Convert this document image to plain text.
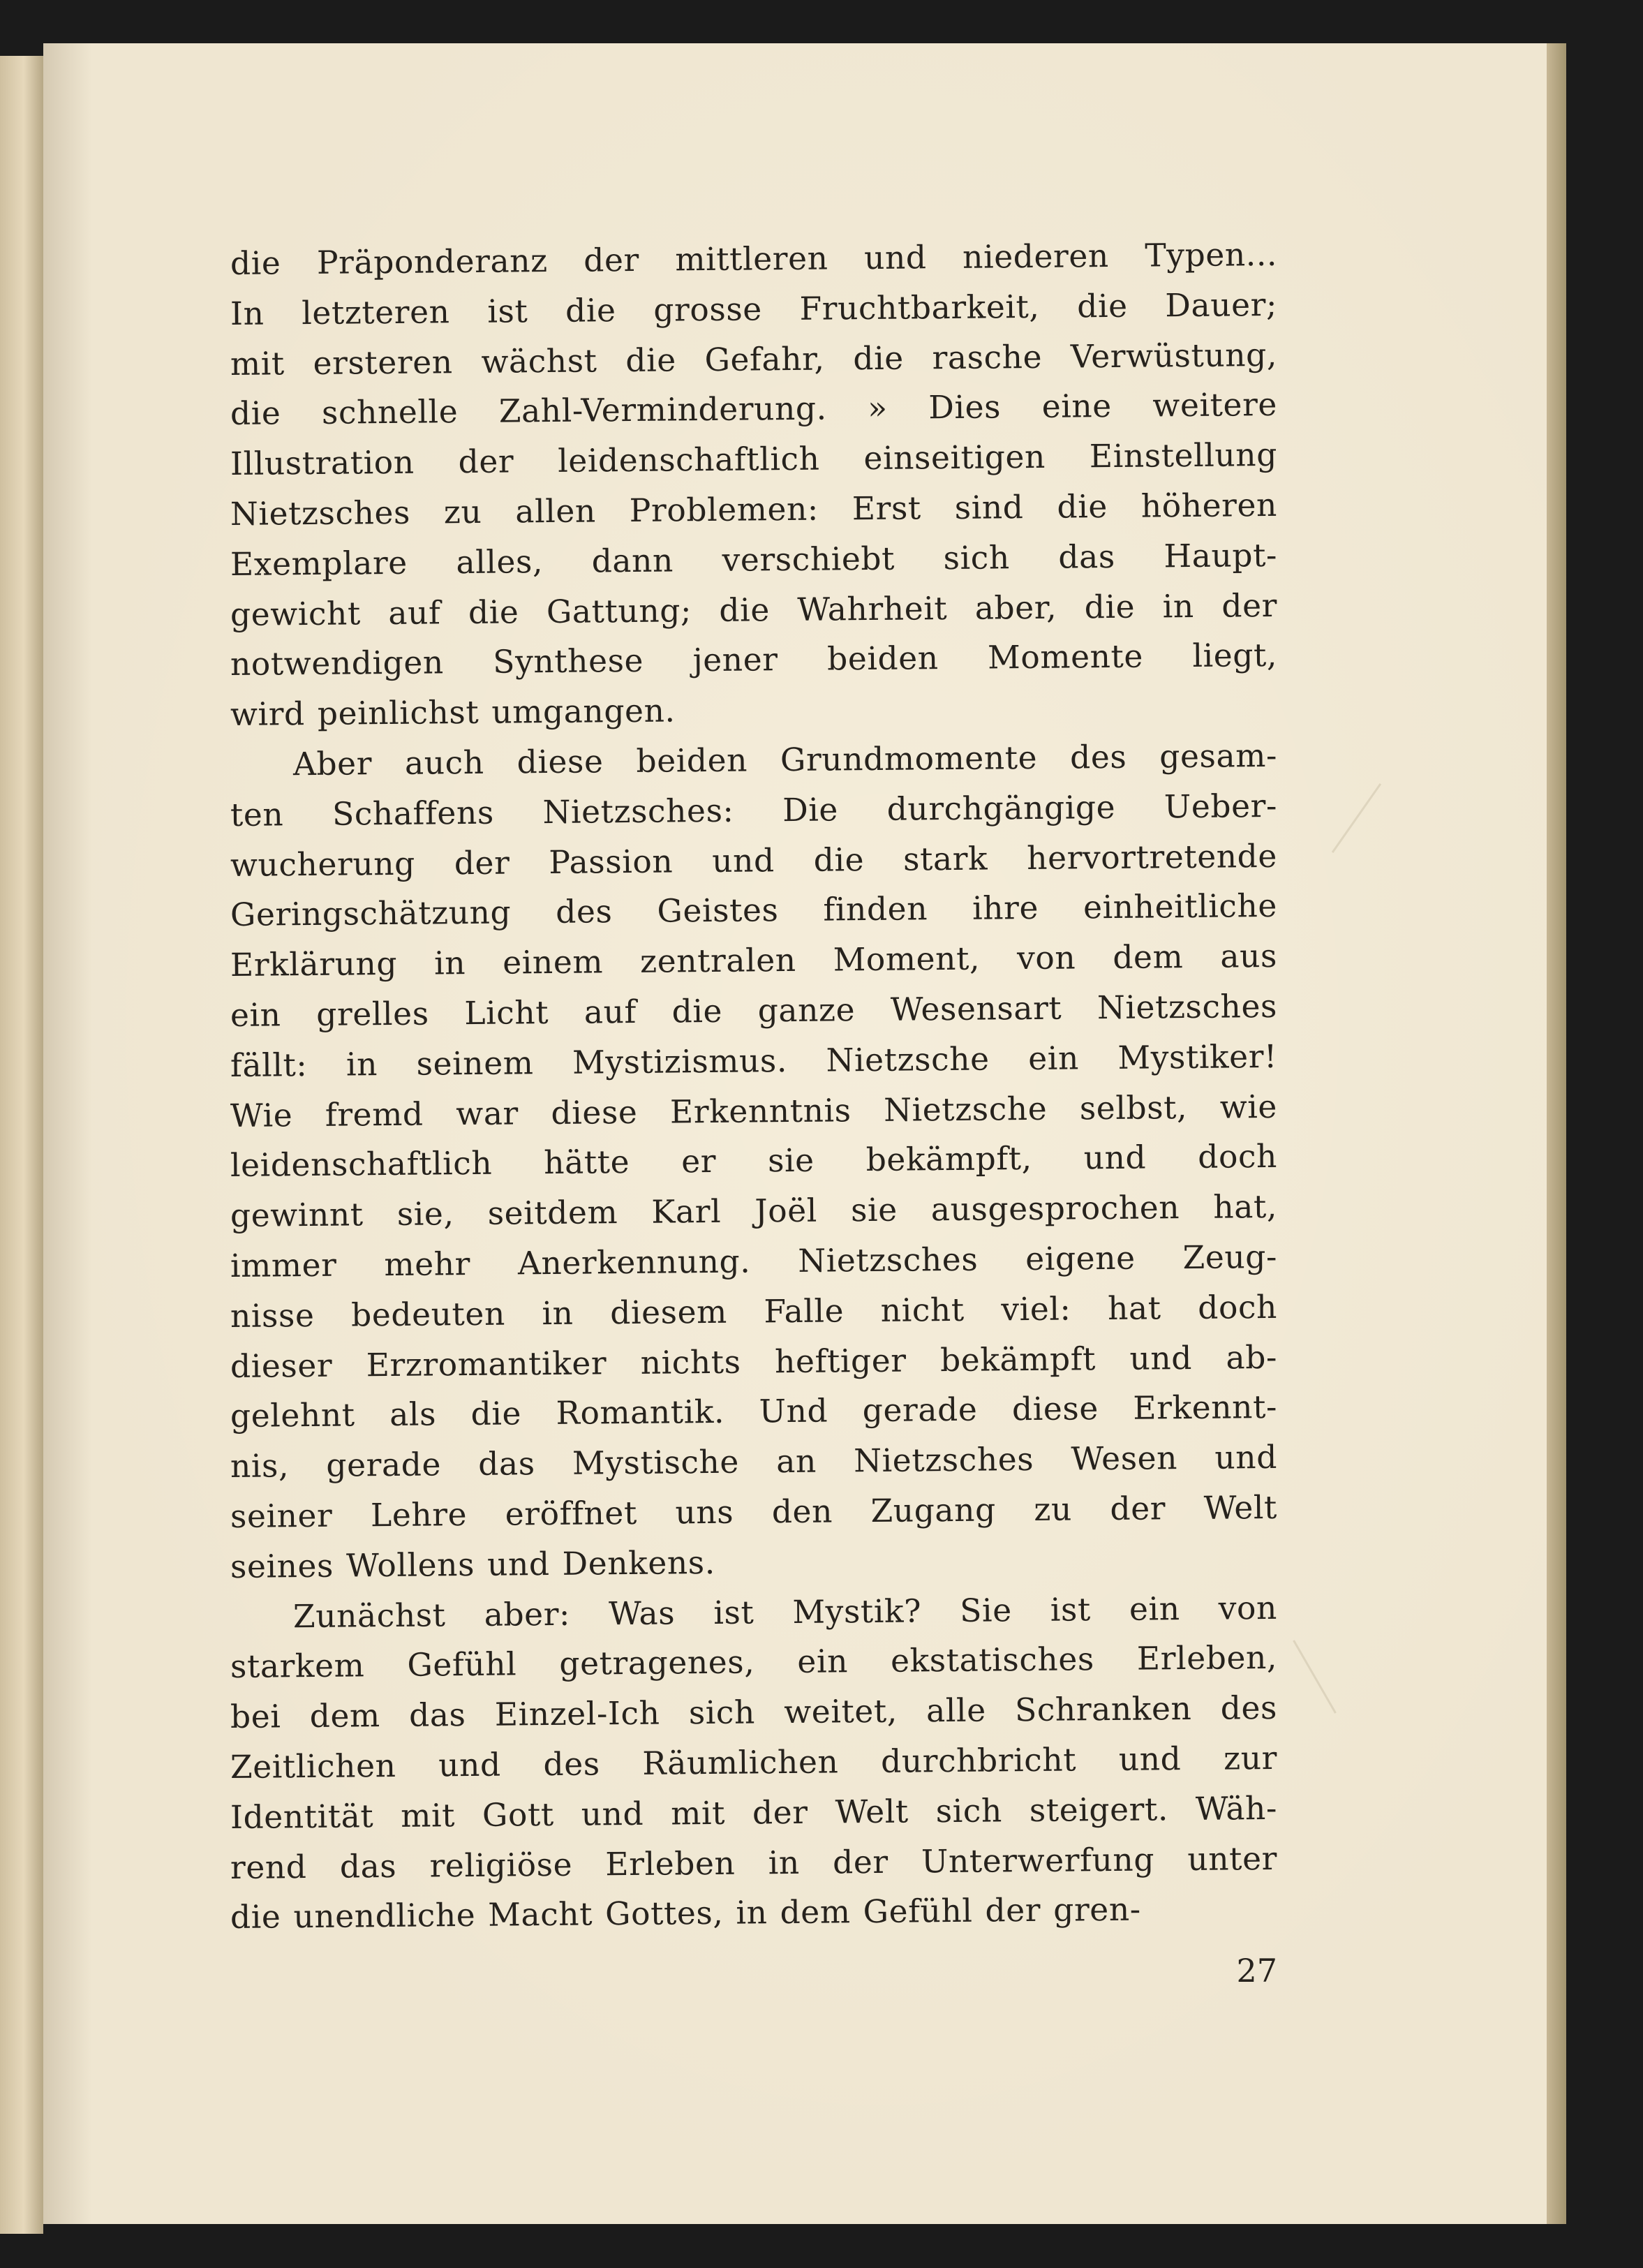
die Präponderanz der mittleren und niederen Typen...
In letzteren ist die grosse Fruchtbarkeit, die Dauer;
mit ersteren wächst die Gefahr, die rasche Verwüstung,
die schnelle Zahl-Verminderung. » Dies eine weitere
Illustration der leidenschaftlich einseitigen Einstellung
Nietzsches zu allen Problemen: Erst sind die höheren
Exemplare alles, dann verschiebt sich das Haupt-
gewicht auf die Gattung; die Wahrheit aber, die in der
notwendigen Synthese jener beiden Momente liegt,
wird peinlichst umgangen.
Aber auch diese beiden Grundmomente des gesam-
ten Schaffens Nietzsches: Die durchgängige Ueber-
wucherung der Passion und die stark hervortretende
Geringschätzung des Geistes finden ihre einheitliche
Erklärung in einem zentralen Moment, von dem aus
ein grelles Licht auf die ganze Wesensart Nietzsches
fällt: in seinem Mystizismus. Nietzsche ein Mystiker!
Wie fremd war diese Erkenntnis Nietzsche selbst, wie
leidenschaftlich hätte er sie bekämpft, und doch
gewinnt sie, seitdem Karl Joël sie ausgesprochen hat,
immer mehr Anerkennung. Nietzsches eigene Zeug-
nisse bedeuten in diesem Falle nicht viel: hat doch
dieser Erzromantiker nichts heftiger bekämpft und ab-
gelehnt als die Romantik. Und gerade diese Erkennt-
nis, gerade das Mystische an Nietzsches Wesen und
seiner Lehre eröffnet uns den Zugang zu der Welt
seines Wollens und Denkens.
Zunächst aber: Was ist Mystik? Sie ist ein von
starkem Gefühl getragenes, ein ekstatisches Erleben,
bei dem das Einzel-Ich sich weitet, alle Schranken des
Zeitlichen und des Räumlichen durchbricht und zur
Identität mit Gott und mit der Welt sich steigert. Wäh-
rend das religiöse Erleben in der Unterwerfung unter
die unendliche Macht Gottes, in dem Gefühl der gren-
27
